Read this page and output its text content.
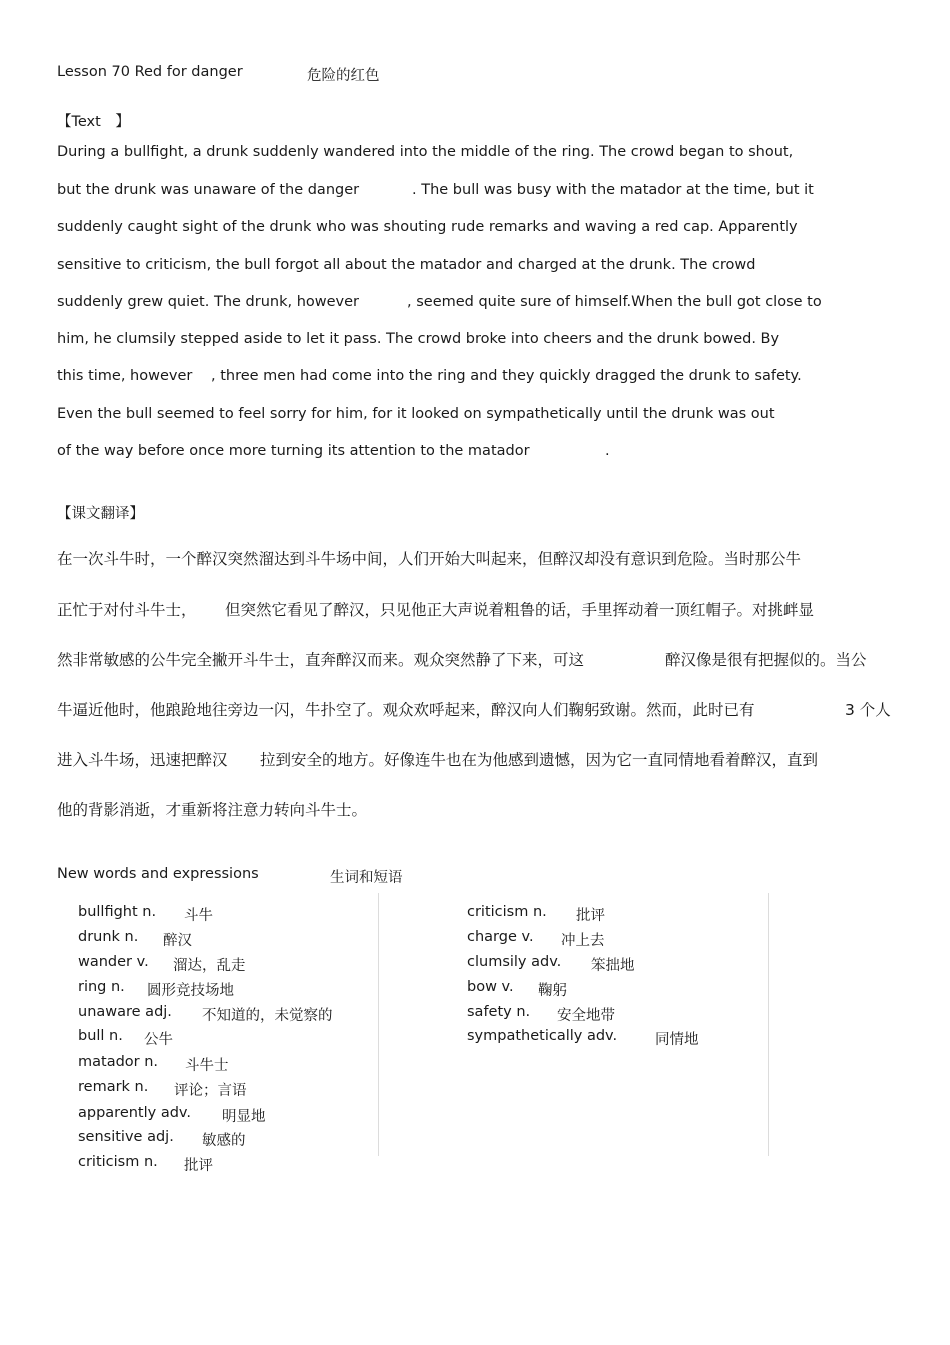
Lesson 70 Red for danger	危险的红色
【Text　】
During a bullfight, a drunk suddenly wandered into the middle of the ring. The crowd began to shout,
but the drunk was unaware of the danger	. The bull was busy with the matador at the time, but it
suddenly caught sight of the drunk who was shouting rude remarks and waving a red cap. Apparently
sensitive to criticism, the bull forgot all about the matador and charged at the drunk. The crowd
suddenly grew quiet. The drunk, however	, seemed quite sure of himself.When the bull got close to
him, he clumsily stepped aside to let it pass. The crowd broke into cheers and the drunk bowed. By
this time, however , three men had come into the ring and they quickly dragged the drunk to safety.
Even the bull seemed to feel sorry for him, for it looked on sympathetically until the drunk was out
of the way before once more turning its attention to the matador	.
【课文翻译】
在一次斗牛时，一个醉汉突然溜达到斗牛场中间，人们开始大叫起来，但醉汉却没有意识到危险。当时那公牛
正忙于对付斗牛士， 但突然它看见了醉汉，只见他正大声说着粗鲁的话，手里挥动着一顶红帽子。对挑衅显
然非常敏感的公牛完全撇开斗牛士，直奔醉汉而来。观众突然静了下来，可这	醉汉像是很有把握似的。当公
牛逼近他时，他踉跄地往旁边一闪，牛扑空了。观众欢呼起来，醉汉向人们鞠躬致谢。然而，此时已有	3 个人
进入斗牛场，迅速把醉汉 拉到安全的地方。好像连牛也在为他感到遗憾，因为它一直同情地看着醉汉，直到
他的背影消逝，才重新将注意力转向斗牛士。
New words and expressions	生词和短语
bullfight n. 斗牛
drunk n. 醉汉
wander v. 溜达，乱走
ring n. 圆形竞技场地
unaware adj. 不知道的，未觉察的
bull n. 公牛
matador n. 斗牛士
remark n. 评论；言语
apparently adv. 明显地
sensitive adj. 敏感的
criticism n. 批评
criticism n. 批评
charge v. 冲上去
clumsily adv. 笨拙地
bow v. 鞠躬
safety n. 安全地带
sympathetically adv.	同情地
